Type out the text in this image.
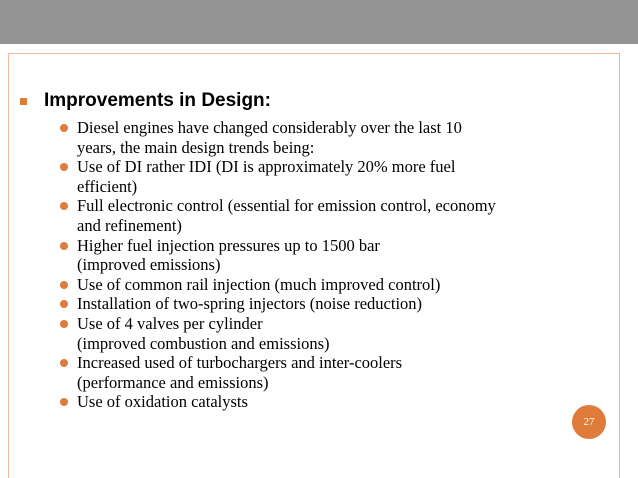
Improvements in Design:
Diesel engines have changed considerably over the last 10
years, the main design trends being:
Use of DI rather IDI (DI is approximately 20% more fuel
efficient)
Full electronic control (essential for emission control, economy
and refinement)
Higher fuel injection pressures up to 1500 bar
(improved emissions)
Use of common rail injection (much improved control)
Installation of two-spring injectors (noise reduction)
Use of 4 valves per cylinder
(improved combustion and emissions)
Increased used of turbochargers and inter-coolers
(performance and emissions)
Use of oxidation catalysts
27
